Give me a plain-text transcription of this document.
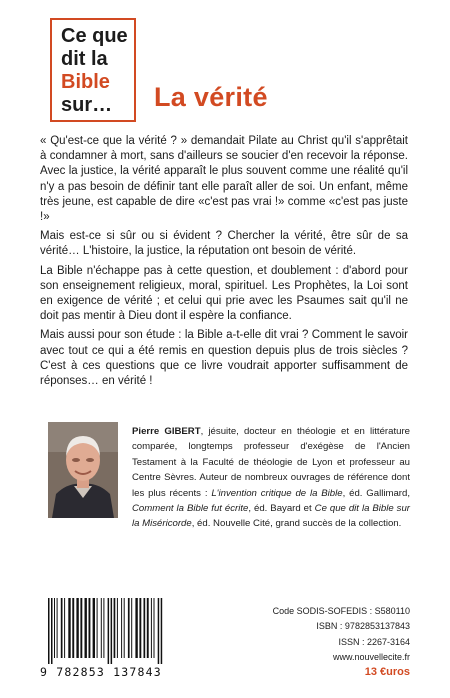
Ce que
dit la
Bible
sur…	La vérité

« Qu'est-ce que la vérité ? » demandait Pilate au Christ qu'il s'apprêtait à condamner à mort, sans d'ailleurs se soucier d'en recevoir la réponse. Avec la justice, la vérité apparaît le plus souvent comme une réalité qu'il n'y a pas besoin de définir tant elle paraît aller de soi. Un enfant, même très jeune, est capable de dire «c'est pas vrai !» comme «c'est pas juste !»

Mais est-ce si sûr ou si évident ? Chercher la vérité, être sûr de sa vérité… L'histoire, la justice, la réputation ont besoin de vérité.

La Bible n'échappe pas à cette question, et doublement : d'abord pour son enseignement religieux, moral, spirituel. Les Prophètes, la Loi sont en exigence de vérité ; et celui qui prie avec les Psaumes sait qu'il ne doit pas mentir à Dieu dont il espère la confiance.

Mais aussi pour son étude : la Bible a-t-elle dit vrai ? Comment le savoir avec tout ce qui a été remis en question depuis plus de trois siècles ? C'est à ces questions que ce livre voudrait apporter suffisamment de réponses… en vérité !

Pierre GIBERT, jésuite, docteur en théologie et en littérature comparée, longtemps professeur d'exégèse de l'Ancien Testament à la Faculté de théologie de Lyon et professeur au Centre Sèvres. Auteur de nombreux ouvrages de référence dont les plus récents : L'invention critique de la Bible, éd. Gallimard, Comment la Bible fut écrite, éd. Bayard et Ce que dit la Bible sur la Miséricorde, éd. Nouvelle Cité, grand succès de la collection.
9 782853 137843
Code SODIS-SOFEDIS : S580110
ISBN : 9782853137843
ISSN : 2267-3164
www.nouvellecite.fr
13 €uros
